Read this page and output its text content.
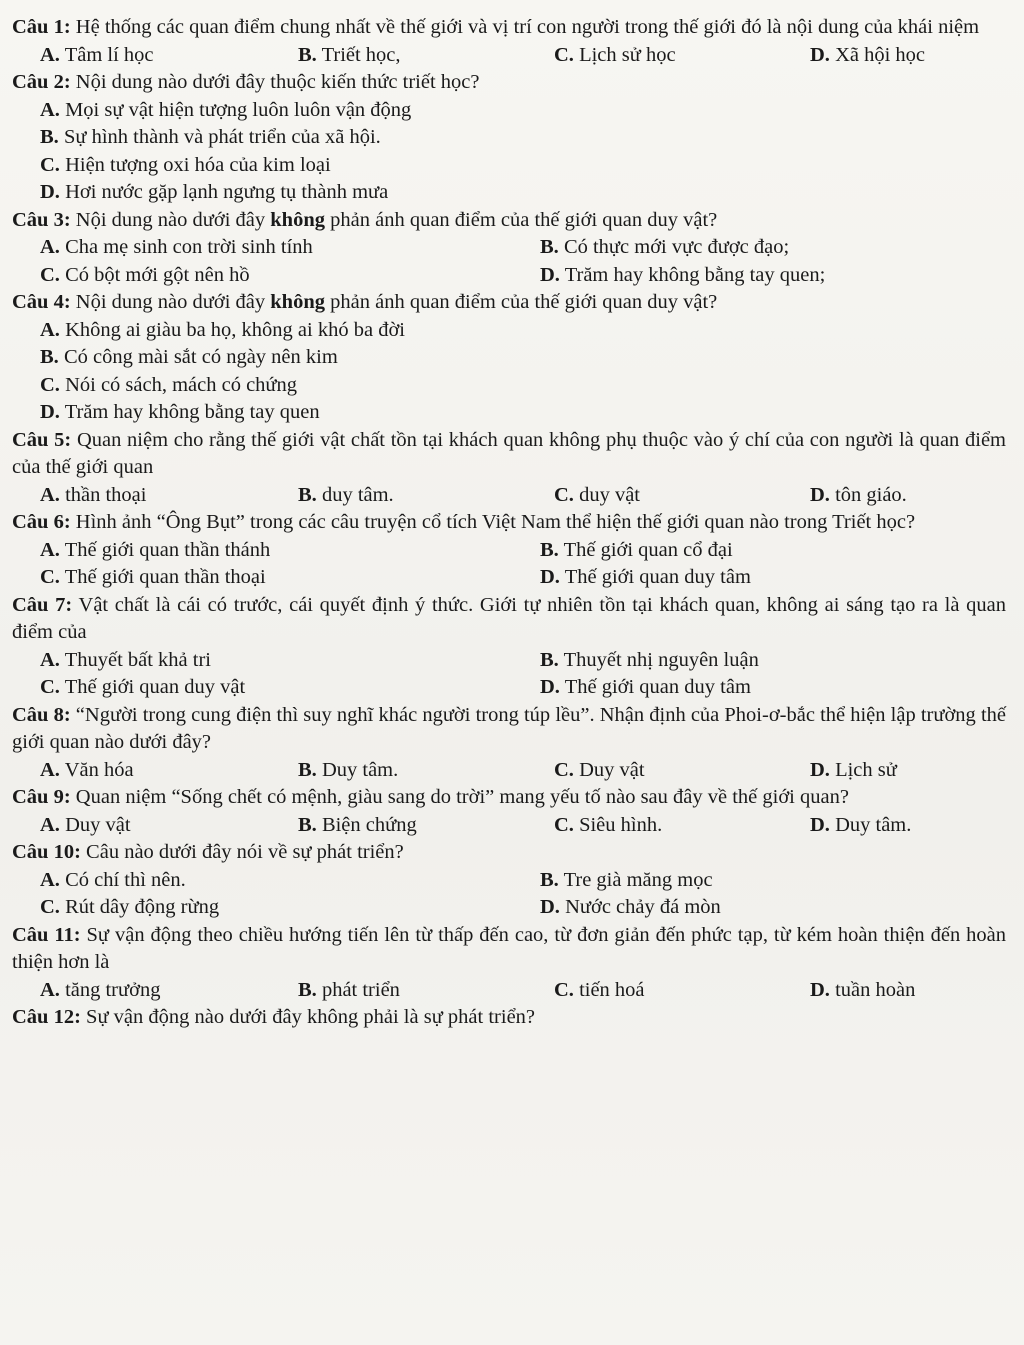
Câu 1: Hệ thống các quan điểm chung nhất về thế giới và vị trí con người trong thế giới đó là nội dung của khái niệm

A. Tâm lí học	B. Triết học,	C. Lịch sử học	D. Xã hội học

Câu 2: Nội dung nào dưới đây thuộc kiến thức triết học?

A. Mọi sự vật hiện tượng luôn luôn vận động
B. Sự hình thành và phát triển của xã hội.
C. Hiện tượng oxi hóa của kim loại
D. Hơi nước gặp lạnh ngưng tụ thành mưa

Câu 3: Nội dung nào dưới đây không phản ánh quan điểm của thế giới quan duy vật?

A. Cha mẹ sinh con trời sinh tính	B. Có thực mới vực được đạo;
C. Có bột mới gột nên hồ	D. Trăm hay không bằng tay quen;

Câu 4: Nội dung nào dưới đây không phản ánh quan điểm của thế giới quan duy vật?

A. Không ai giàu ba họ, không ai khó ba đời
B. Có công mài sắt có ngày nên kim
C. Nói có sách, mách có chứng
D. Trăm hay không bằng tay quen

Câu 5: Quan niệm cho rằng thế giới vật chất tồn tại khách quan không phụ thuộc vào ý chí của con người là quan điểm của thế giới quan

A. thần thoại	B. duy tâm.	C. duy vật	D. tôn giáo.

Câu 6: Hình ảnh “Ông Bụt” trong các câu truyện cổ tích Việt Nam thể hiện thế giới quan nào trong Triết học?

A. Thế giới quan thần thánh	B. Thế giới quan cổ đại
C. Thế giới quan thần thoại	D. Thế giới quan duy tâm

Câu 7: Vật chất là cái có trước, cái quyết định ý thức. Giới tự nhiên tồn tại khách quan, không ai sáng tạo ra là quan điểm của

A. Thuyết bất khả tri	B. Thuyết nhị nguyên luận
C. Thế giới quan duy vật	D. Thế giới quan duy tâm

Câu 8: “Người trong cung điện thì suy nghĩ khác người trong túp lều”. Nhận định của Phoi-ơ-bắc thể hiện lập trường thế giới quan nào dưới đây?

A. Văn hóa	B. Duy tâm.	C. Duy vật	D. Lịch sử

Câu 9: Quan niệm “Sống chết có mệnh, giàu sang do trời” mang yếu tố nào sau đây về thế giới quan?

A. Duy vật	B. Biện chứng	C. Siêu hình.	D. Duy tâm.

Câu 10: Câu nào dưới đây nói về sự phát triển?

A. Có chí thì nên.	B. Tre già măng mọc
C. Rút dây động rừng	D. Nước chảy đá mòn

Câu 11: Sự vận động theo chiều hướng tiến lên từ thấp đến cao, từ đơn giản đến phức tạp, từ kém hoàn thiện đến hoàn thiện hơn là

A. tăng trưởng	B. phát triển	C. tiến hoá	D. tuần hoàn

Câu 12: Sự vận động nào dưới đây không phải là sự phát triển?
